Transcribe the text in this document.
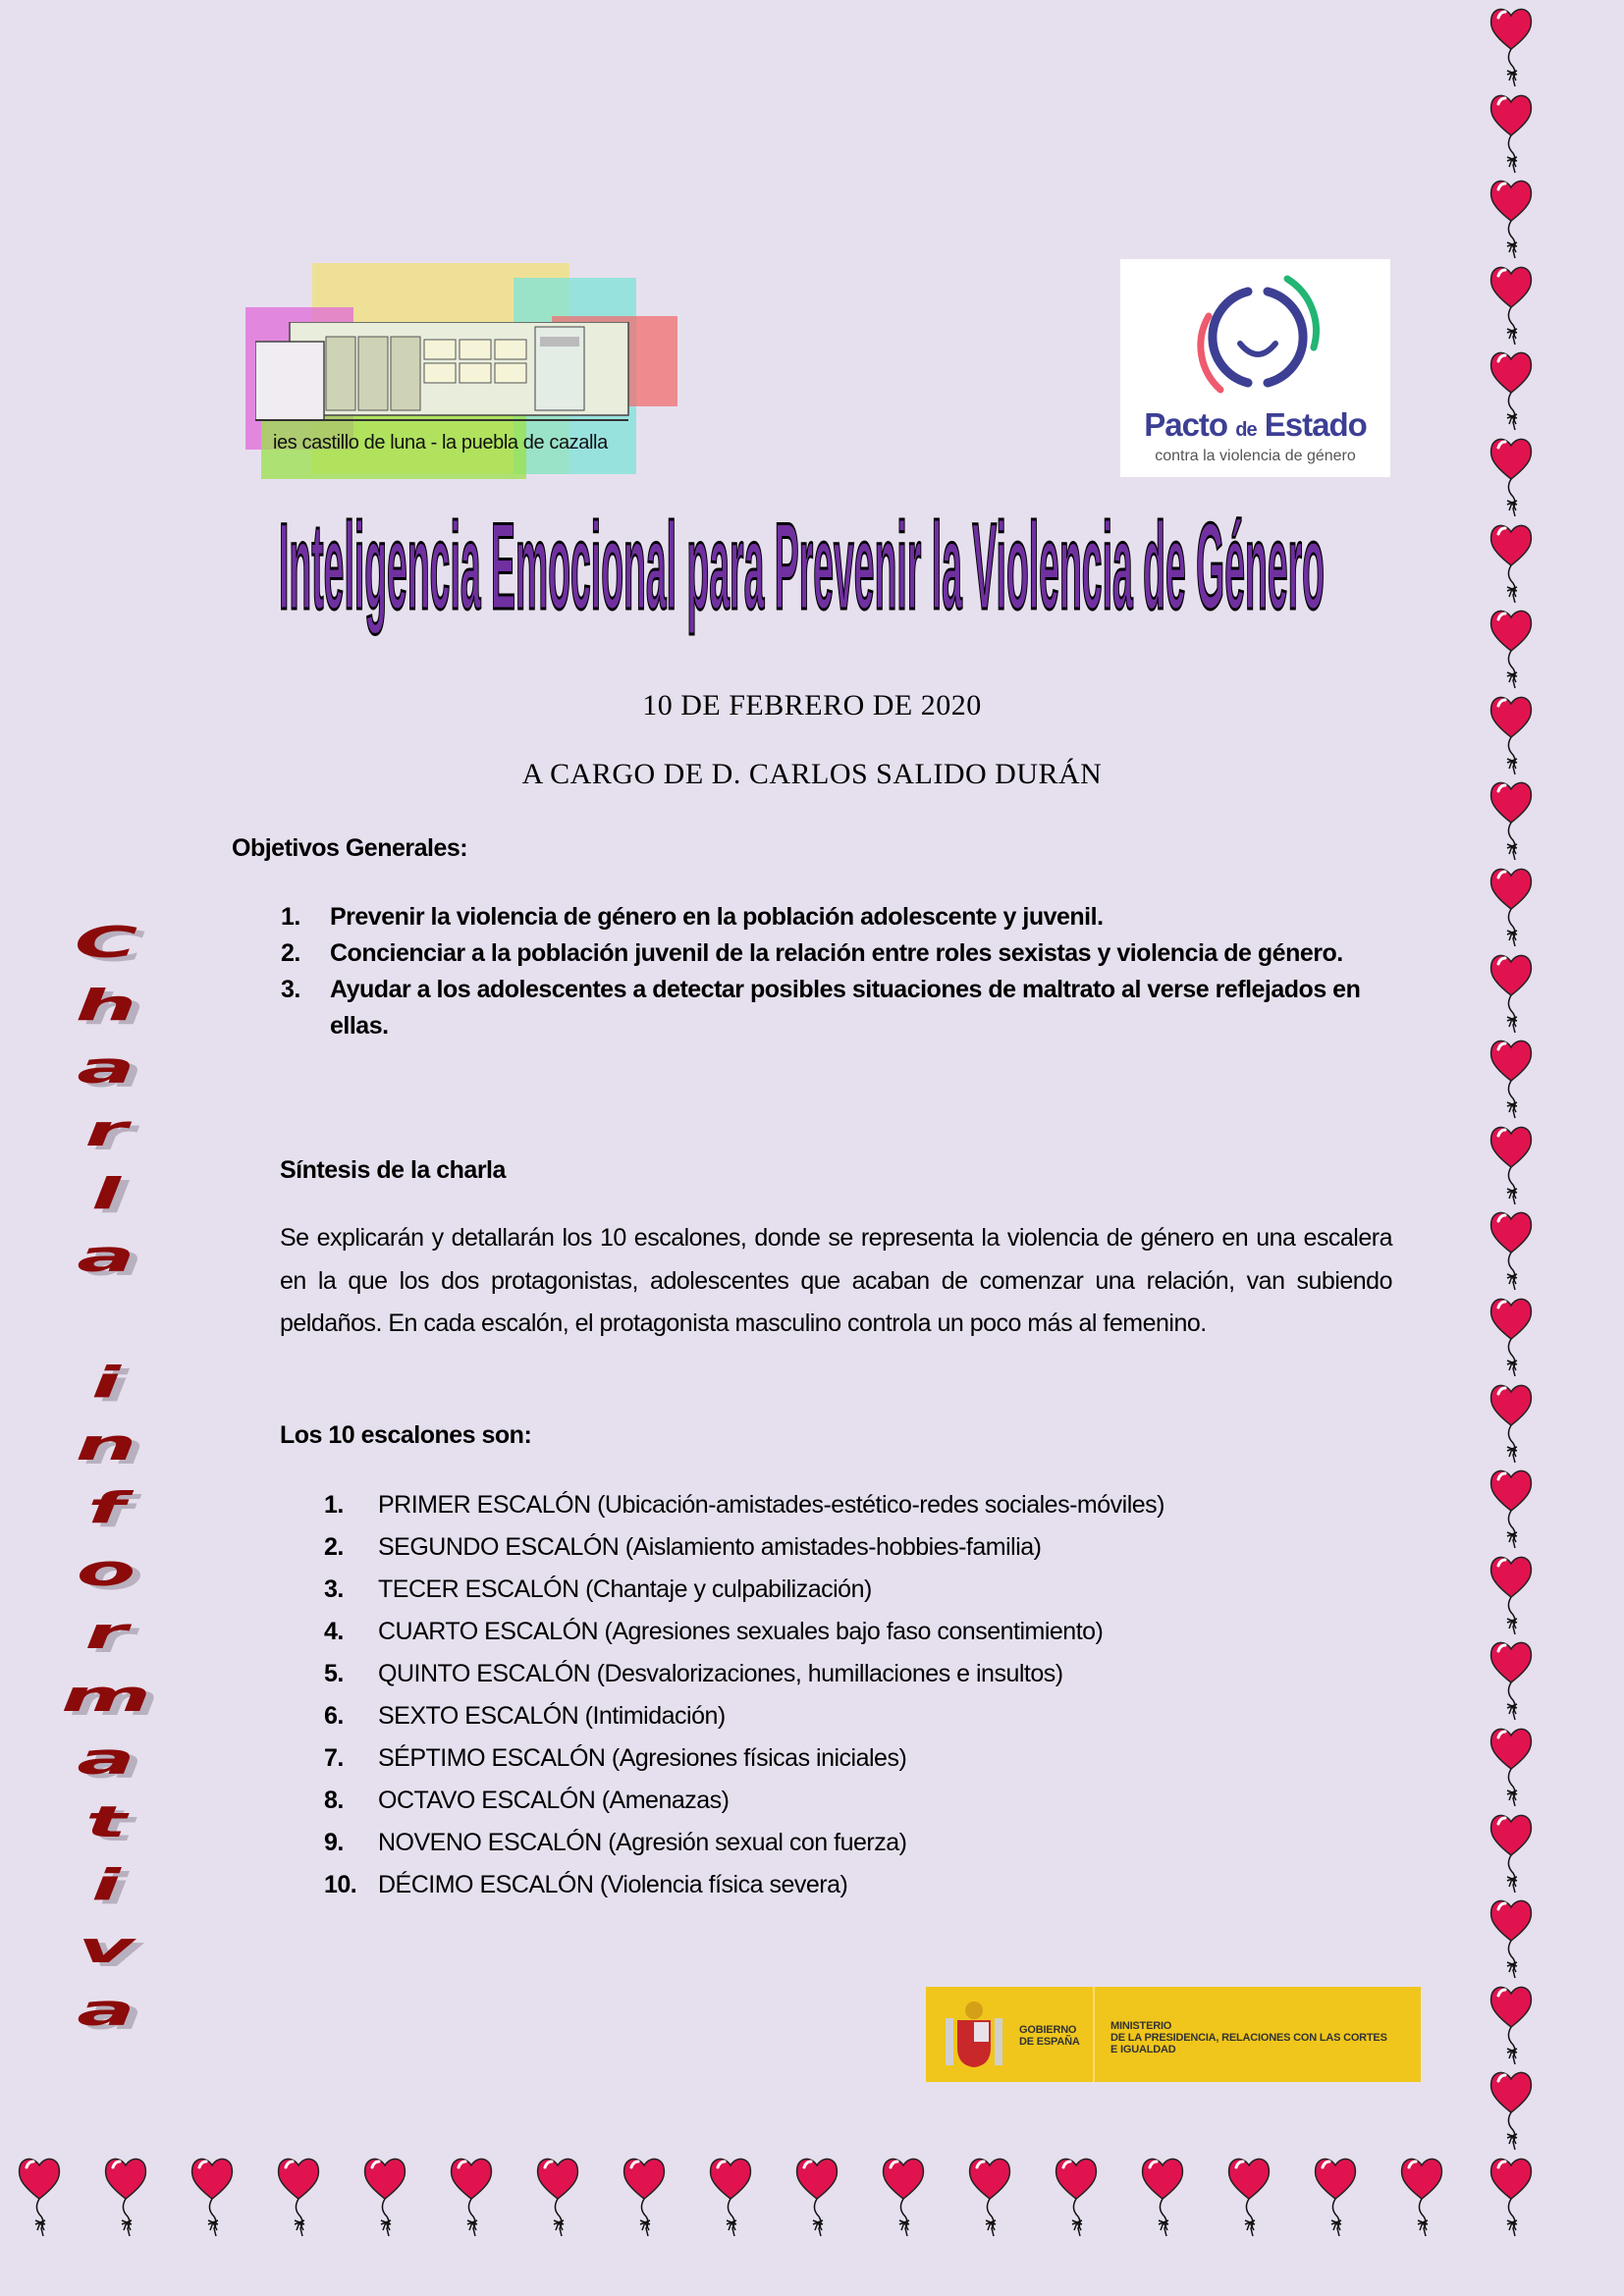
ies castillo de luna - la puebla de cazalla	Pacto de Estado
contra la violencia de género
Inteligencia Emocional para Prevenir la Violencia de Género
10 DE FEBRERO DE 2020
A CARGO DE D. CARLOS SALIDO DURÁN
Charla informativa
Objetivos Generales:
1.	Prevenir la violencia de género en la población adolescente y juvenil.
2.	Concienciar a la población juvenil de la relación entre roles sexistas y violencia de género.
3.	Ayudar a los adolescentes a detectar posibles situaciones de maltrato al verse reflejados en ellas.
Síntesis de la charla
Se explicarán y detallarán los 10 escalones, donde se representa la violencia de género en una escalera en la que los dos protagonistas, adolescentes que acaban de comenzar una relación, van subiendo peldaños. En cada escalón, el protagonista masculino controla un poco más al femenino.
Los 10 escalones son:
1.	PRIMER ESCALÓN (Ubicación-amistades-estético-redes sociales-móviles)
2.	SEGUNDO ESCALÓN (Aislamiento amistades-hobbies-familia)
3.	TECER ESCALÓN (Chantaje y culpabilización)
4.	CUARTO ESCALÓN (Agresiones sexuales bajo faso consentimiento)
5.	QUINTO ESCALÓN (Desvalorizaciones, humillaciones e insultos)
6.	SEXTO ESCALÓN (Intimidación)
7.	SÉPTIMO ESCALÓN (Agresiones físicas iniciales)
8.	OCTAVO ESCALÓN (Amenazas)
9.	NOVENO ESCALÓN (Agresión sexual con fuerza)
10. DÉCIMO ESCALÓN (Violencia física severa)
GOBIERNO
DE ESPAÑA
MINISTERIO
DE LA PRESIDENCIA, RELACIONES CON LAS CORTES
E IGUALDAD
